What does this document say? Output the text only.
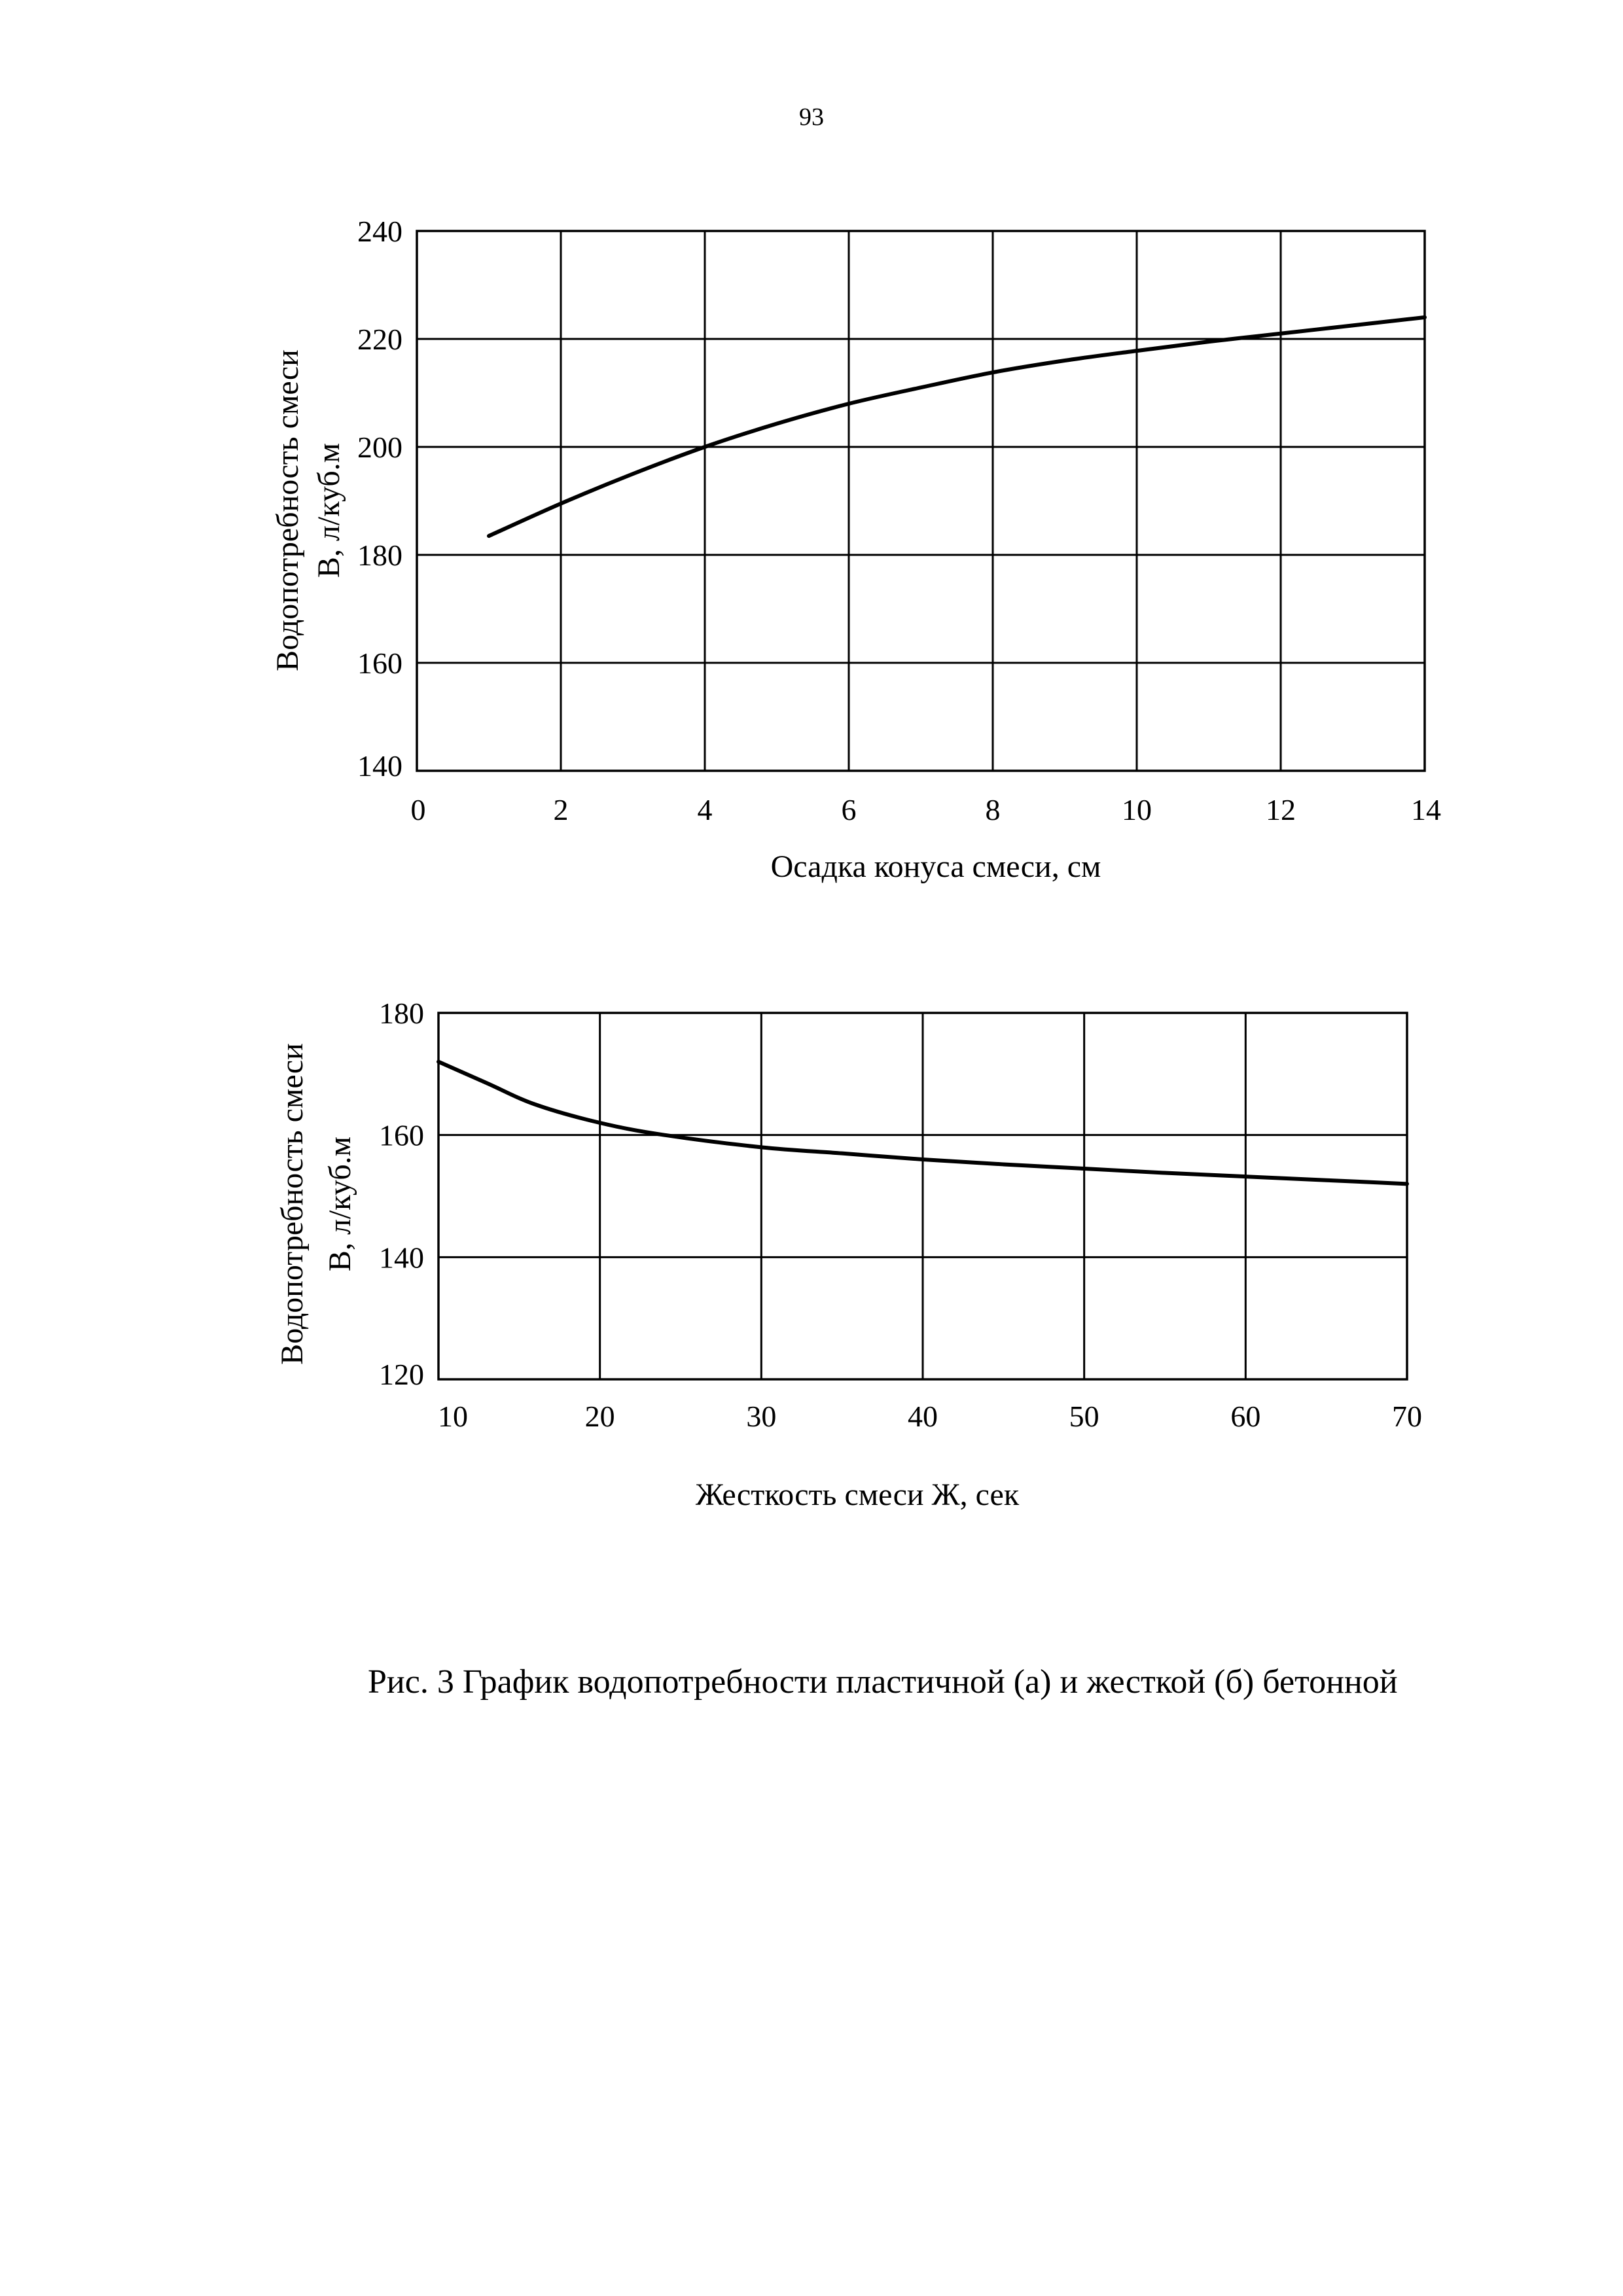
93
0	2	4	6	8	10	12	14
140
160
180
200
220
240
Осадка конуса смеси, см
Водопотребность смеси В, л/куб.м
10	20	30	40	50	60	70
120
140
160
180
Жесткость смеси Ж, сек
Водопотребность смеси В, л/куб.м
Рис. 3 График водопотребности пластичной (а) и жесткой (б) бетонной
